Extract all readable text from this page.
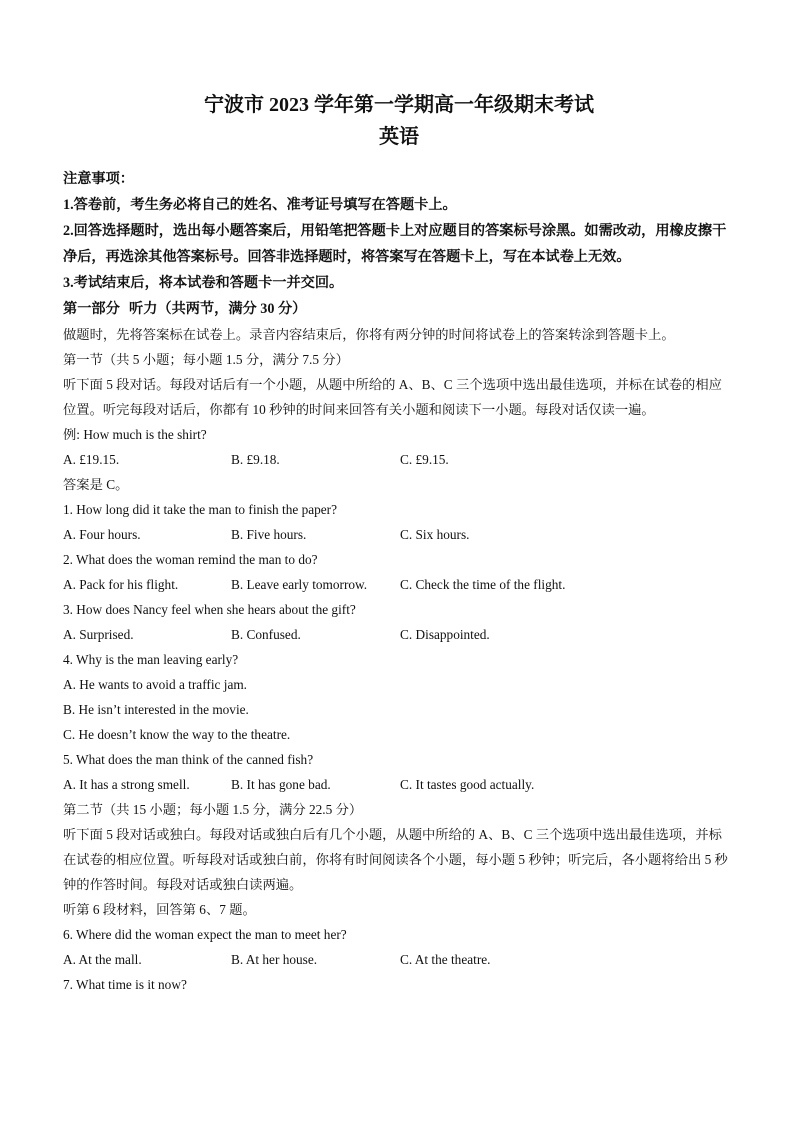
宁波市 2023 学年第一学期高一年级期末考试
英语
注意事项：
1.答卷前，考生务必将自己的姓名、准考证号填写在答题卡上。
2.回答选择题时，选出每小题答案后，用铅笔把答题卡上对应题目的答案标号涂黑。如需改动，用橡皮擦干净后，再选涂其他答案标号。回答非选择题时，将答案写在答题卡上，写在本试卷上无效。
3.考试结束后，将本试卷和答题卡一并交回。
第一部分 听力（共两节，满分 30 分）
做题时，先将答案标在试卷上。录音内容结束后，你将有两分钟的时间将试卷上的答案转涂到答题卡上。
第一节（共 5 小题；每小题 1.5 分，满分 7.5 分）
听下面 5 段对话。每段对话后有一个小题，从题中所给的 A、B、C 三个选项中选出最佳选项，并标在试卷的相应位置。听完每段对话后，你都有 10 秒钟的时间来回答有关小题和阅读下一小题。每段对话仅读一遍。
例: How much is the shirt?
A. £19.15.	B. £9.18.	C. £9.15.
答案是 C。
1. How long did it take the man to finish the paper?
A. Four hours.	B. Five hours.	C. Six hours.
2. What does the woman remind the man to do?
A. Pack for his flight.	B. Leave early tomorrow.	C. Check the time of the flight.
3. How does Nancy feel when she hears about the gift?
A. Surprised.	B. Confused.	C. Disappointed.
4. Why is the man leaving early?
A. He wants to avoid a traffic jam.
B. He isn’t interested in the movie.
C. He doesn’t know the way to the theatre.
5. What does the man think of the canned fish?
A. It has a strong smell.	B. It has gone bad.	C. It tastes good actually.
第二节（共 15 小题；每小题 1.5 分，满分 22.5 分）
听下面 5 段对话或独白。每段对话或独白后有几个小题，从题中所给的 A、B、C 三个选项中选出最佳选项，并标在试卷的相应位置。听每段对话或独白前，你将有时间阅读各个小题，每小题 5 秒钟；听完后，各小题将给出 5 秒钟的作答时间。每段对话或独白读两遍。
听第 6 段材料，回答第 6、7 题。
6. Where did the woman expect the man to meet her?
A. At the mall.	B. At her house.	C. At the theatre.
7. What time is it now?
